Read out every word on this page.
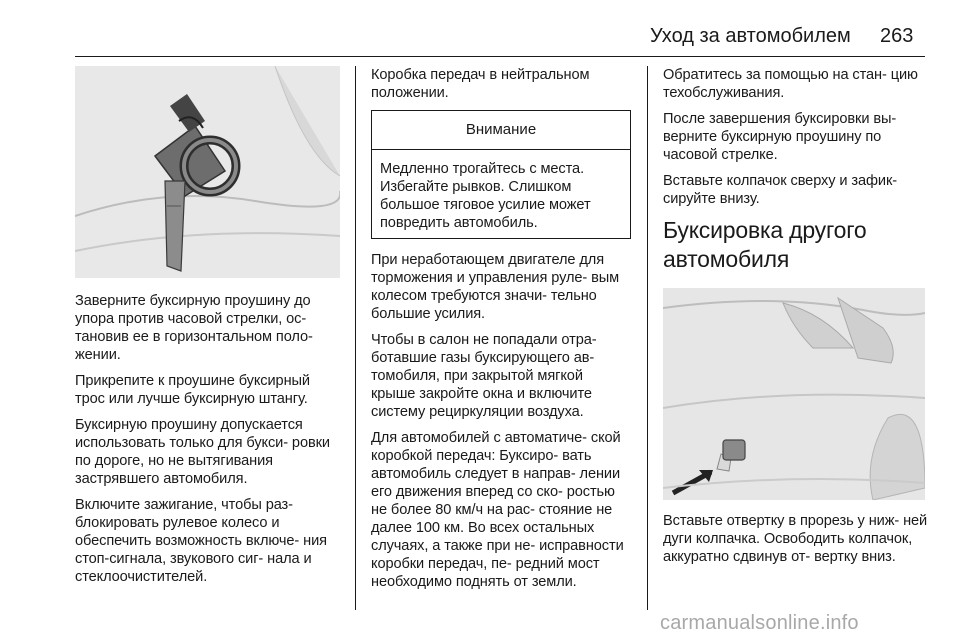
Уход за автомобилем 263

Заверните буксирную проушину до упора против часовой стрелки, ос- тановив ее в горизонтальном поло- жении.

Прикрепите к проушине буксирный трос или лучше буксирную штангу.

Буксирную проушину допускается использовать только для букси- ровки по дороге, но не вытягивания застрявшего автомобиля.

Включите зажигание, чтобы раз- блокировать рулевое колесо и обеспечить возможность включе- ния стоп-сигнала, звукового сиг- нала и стеклоочистителей.

Коробка передач в нейтральном положении.

Внимание

Медленно трогайтесь с места. Избегайте рывков. Слишком большое тяговое усилие может повредить автомобиль.

При неработающем двигателе для торможения и управления руле- вым колесом требуются значи- тельно большие усилия.

Чтобы в салон не попадали отра- ботавшие газы буксирующего ав- томобиля, при закрытой мягкой крыше закройте окна и включите систему рециркуляции воздуха.

Для автомобилей с автоматиче- ской коробкой передач: Буксиро- вать автомобиль следует в направ- лении его движения вперед со ско- ростью не более 80 км/ч на рас- стояние не далее 100 км. Во всех остальных случаях, а также при не- исправности коробки передач, пе- редний мост необходимо поднять от земли.

Обратитесь за помощью на стан- цию техобслуживания.

После завершения буксировки вы- верните буксирную проушину по часовой стрелке.

Вставьте колпачок сверху и зафик- сируйте внизу.

Буксировка другого автомобиля

Вставьте отвертку в прорезь у ниж- ней дуги колпачка. Освободить колпачок, аккуратно сдвинув от- вертку вниз.

carmanualsonline.info
